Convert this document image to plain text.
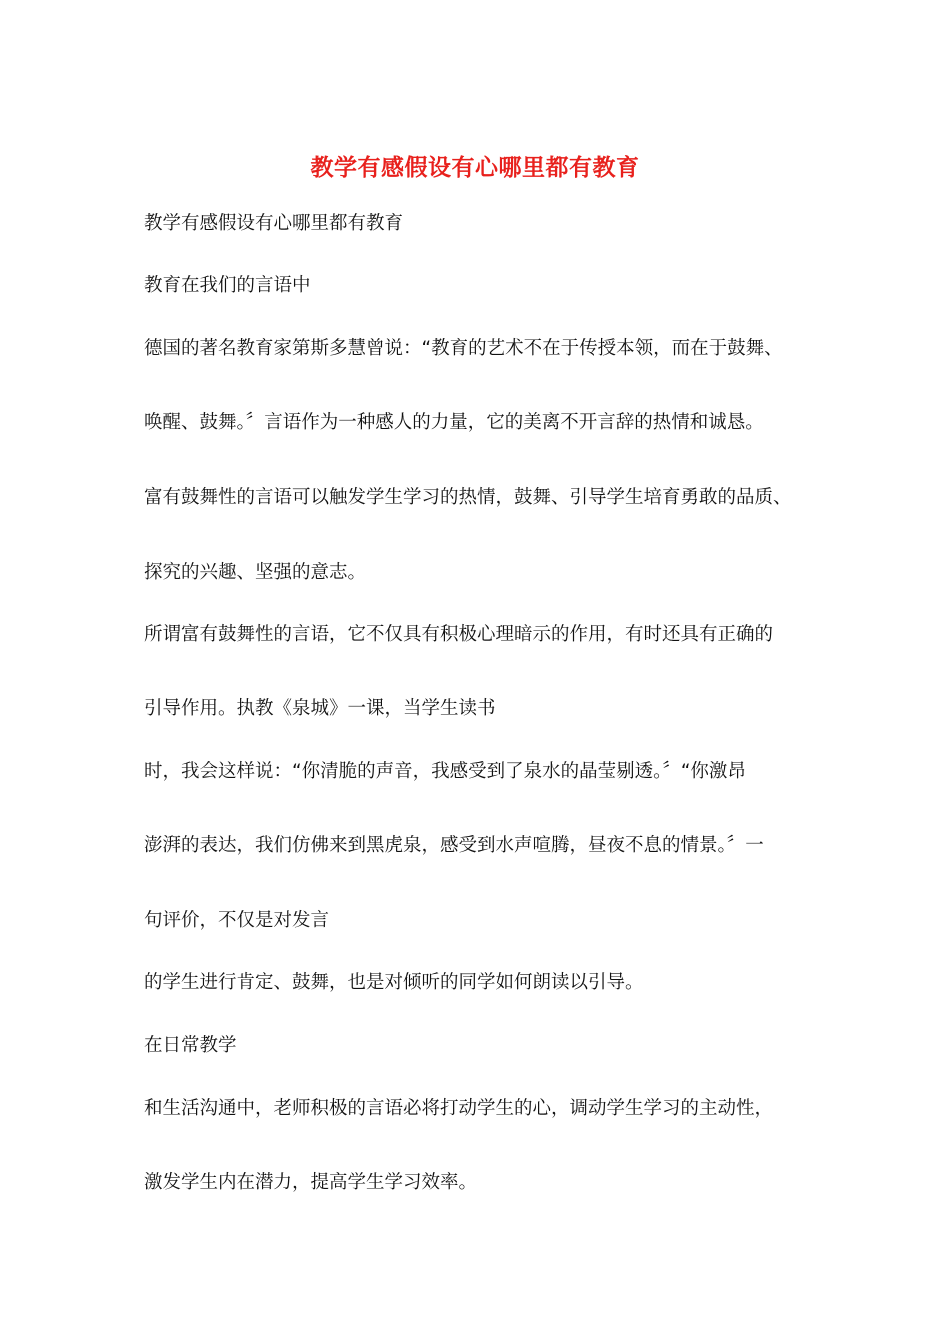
教学有感假设有心哪里都有教育
教学有感假设有心哪里都有教育
教育在我们的言语中
德国的著名教育家第斯多慧曾说：“教育的艺术不在于传授本领，而在于鼓舞、
唤醒、鼓舞。〞言语作为一种感人的力量，它的美离不开言辞的热情和诚恳。
富有鼓舞性的言语可以触发学生学习的热情，鼓舞、引导学生培育勇敢的品质、
探究的兴趣、坚强的意志。
所谓富有鼓舞性的言语，它不仅具有积极心理暗示的作用，有时还具有正确的
引导作用。执教《泉城》一课，当学生读书
时，我会这样说：“你清脆的声音，我感受到了泉水的晶莹剔透。〞“你激昂
澎湃的表达，我们仿佛来到黑虎泉，感受到水声喧腾，昼夜不息的情景。〞一
句评价，不仅是对发言
的学生进行肯定、鼓舞，也是对倾听的同学如何朗读以引导。
在日常教学
和生活沟通中，老师积极的言语必将打动学生的心，调动学生学习的主动性，
激发学生内在潜力，提高学生学习效率。
